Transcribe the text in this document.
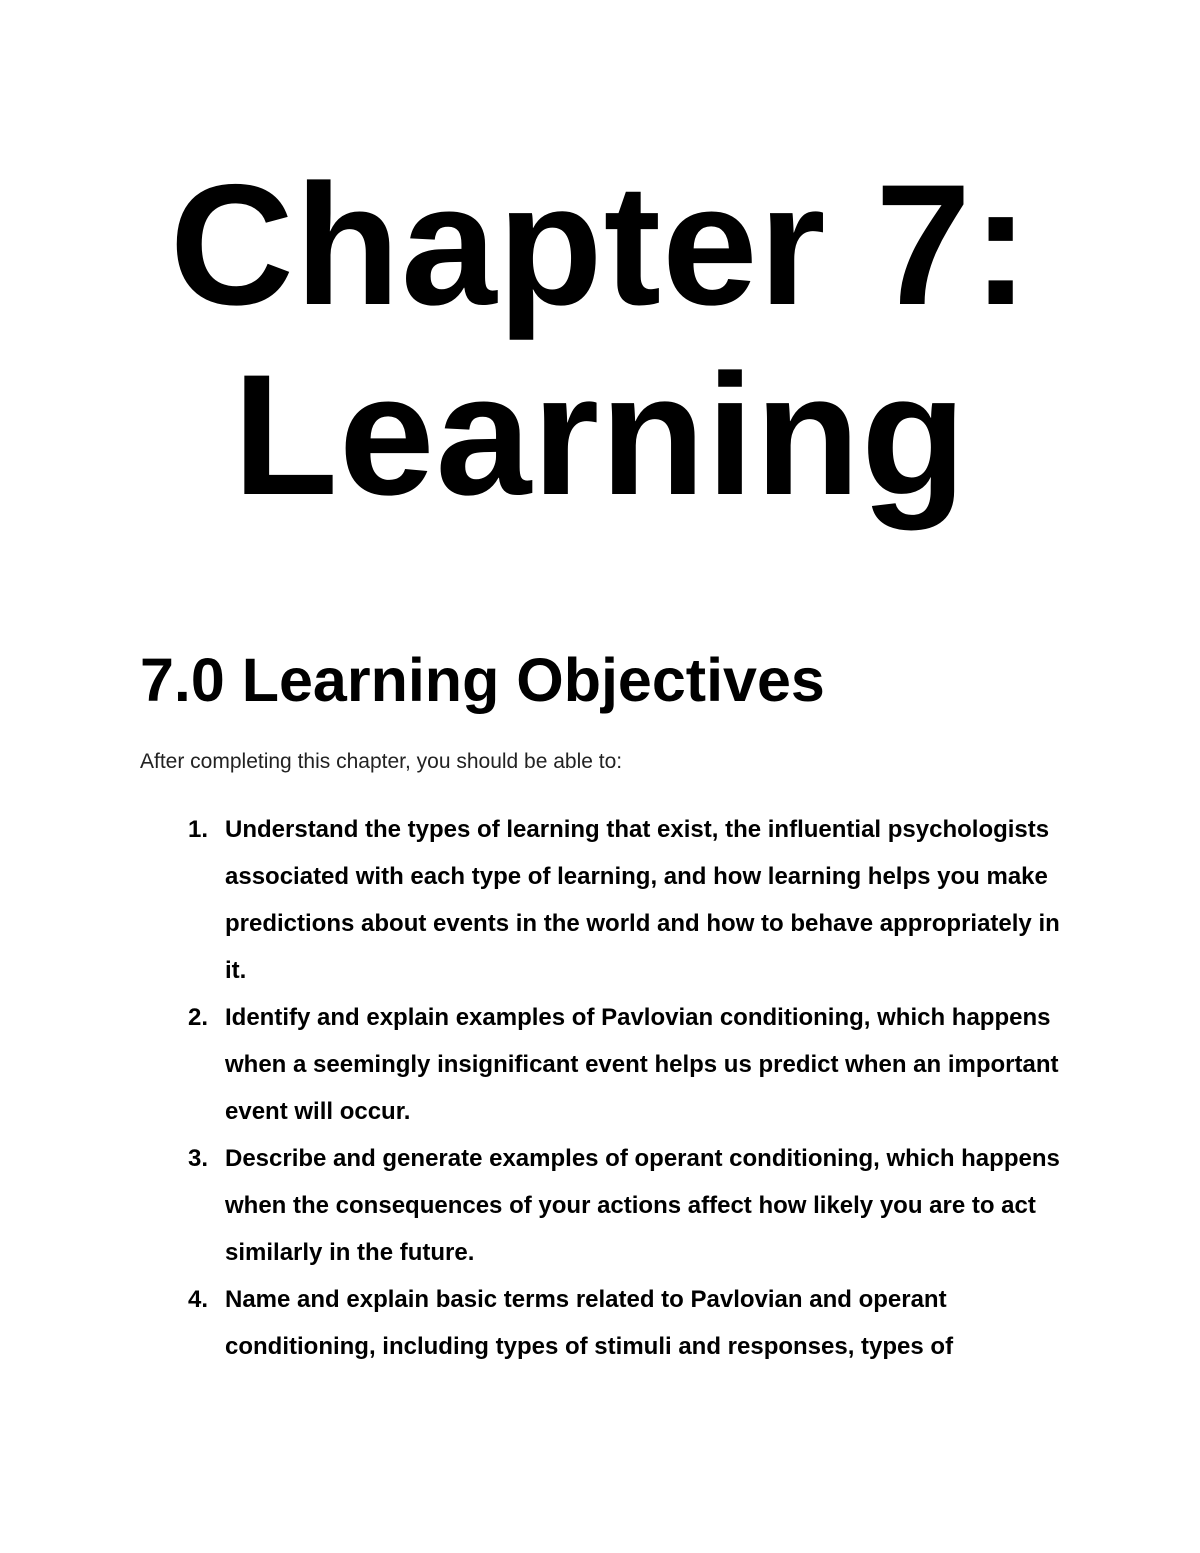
Chapter 7:
Learning
7.0 Learning Objectives

After completing this chapter, you should be able to:

1. Understand the types of learning that exist, the influential psychologists associated with each type of learning, and how learning helps you make predictions about events in the world and how to behave appropriately in it.
2. Identify and explain examples of Pavlovian conditioning, which happens when a seemingly insignificant event helps us predict when an important event will occur.
3. Describe and generate examples of operant conditioning, which happens when the consequences of your actions affect how likely you are to act similarly in the future.
4. Name and explain basic terms related to Pavlovian and operant conditioning, including types of stimuli and responses, types of
